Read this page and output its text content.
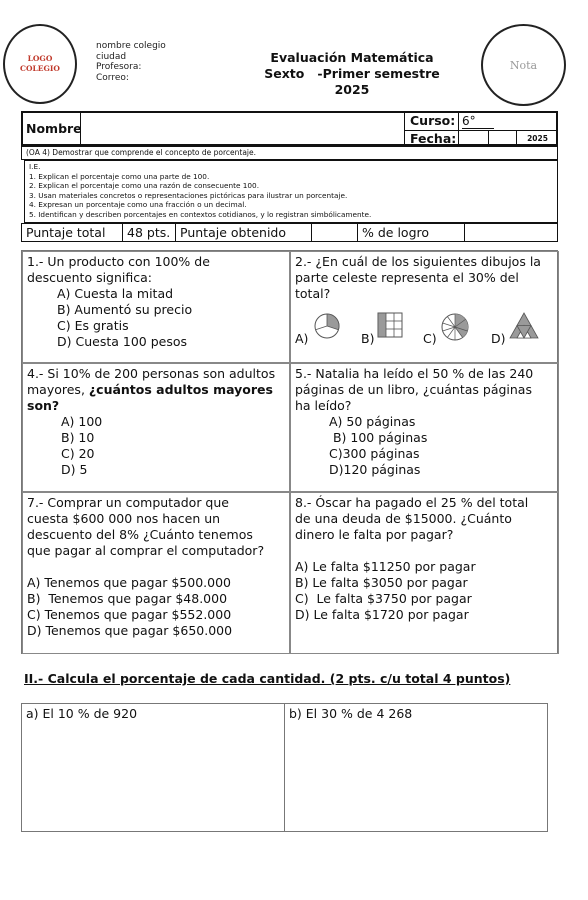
LOGO
COLEGIO
nombre colegio
ciudad
Profesora:
Correo:
Evaluación Matemática
Sexto   -Primer semestre
2025
Nota
Nombre
Curso: 6°
Fecha:	2025
(OA 4) Demostrar que comprende el concepto de porcentaje.
I.E.
1. Explican el porcentaje como una parte de 100.
2. Explican el porcentaje como una razón de consecuente 100.
3. Usan materiales concretos o representaciones pictóricas para ilustrar un porcentaje.
4. Expresan un porcentaje como una fracción o un decimal.
5. Identifican y describen porcentajes en contextos cotidianos, y lo registran simbólicamente.
Puntaje total	48 pts. Puntaje obtenido	% de logro
1.- Un producto con 100% de
descuento significa:
A) Cuesta la mitad
B) Aumentó su precio
C) Es gratis
D) Cuesta 100 pesos
2.- ¿En cuál de los siguientes dibujos la
parte celeste representa el 30% del
total?
A)	B)	C)	D)
4.- Si 10% de 200 personas son adultos
mayores, ¿cuántos adultos mayores
son?
A) 100
B) 10
C) 20
D) 5
5.- Natalia ha leído el 50 % de las 240
páginas de un libro, ¿cuántas páginas
ha leído?
A) 50 páginas
B) 100 páginas
C)300 páginas
D)120 páginas
7.- Comprar un computador que
cuesta $600 000 nos hacen un
descuento del 8% ¿Cuánto tenemos
que pagar al comprar el computador?
A) Tenemos que pagar $500.000
B)  Tenemos que pagar $48.000
C) Tenemos que pagar $552.000
D) Tenemos que pagar $650.000
8.- Óscar ha pagado el 25 % del total
de una deuda de $15000. ¿Cuánto
dinero le falta por pagar?
A) Le falta $11250 por pagar
B) Le falta $3050 por pagar
C)  Le falta $3750 por pagar
D) Le falta $1720 por pagar
II.- Calcula el porcentaje de cada cantidad. (2 pts. c/u total 4 puntos)
a) El 10 % de 920	b) El 30 % de 4 268
